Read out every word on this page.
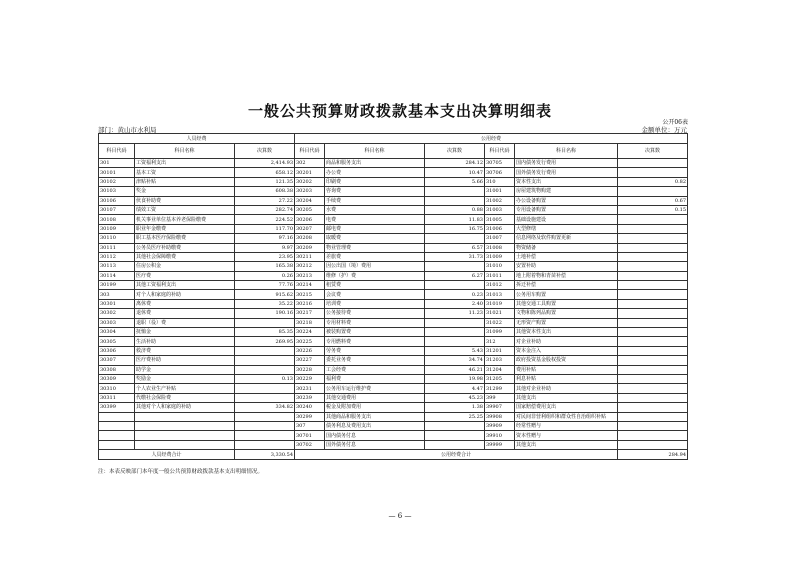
一般公共预算财政拨款基本支出决算明细表
公开06表
部门：黄山市水利局	金额单位：万元
人员经费			公用经费					
科目代码	科目名称	决算数	科目代码	科目名称	决算数	科目代码	科目名称	决算数
301	工资福利支出	2,414.93	302	商品和服务支出	284.12	30705	国内债务发行费用	
30101	基本工资	658.12	30201	办公费	10.47	30706	国外债务发行费用	
30102	津贴补贴	121.35	30202	印刷费	5.66	310	资本性支出	0.82
30103	奖金	608.38	30203	咨询费		31001	房屋建筑物购建	
30106	伙食补助费	27.22	30204	手续费		31002	办公设备购置	0.67
30107	绩效工资	282.74	30205	水费	0.88	31003	专用设备购置	0.15
30108	机关事业单位基本养老保险缴费	224.52	30206	电费	11.83	31005	基础设施建设	
30109	职业年金缴费	117.70	30207	邮电费	16.75	31006	大型修缮	
30110	职工基本医疗保险缴费	97.16	30208	取暖费		31007	信息网络及软件购置更新	
30111	公务员医疗补助缴费	9.97	30209	物业管理费	6.57	31008	物资储备	
30112	其他社会保障缴费	23.95	30211	差旅费	31.73	31009	土地补偿	
30113	住房公积金	165.38	30212	因公出国（境）费用		31010	安置补助	
30114	医疗费	0.26	30213	维修（护）费	6.27	31011	地上附着物和青苗补偿	
30199	其他工资福利支出	77.76	30214	租赁费		31012	拆迁补偿	
303	对个人和家庭的补助	915.62	30215	会议费	0.23	31013	公务用车购置	
30301	离休费	35.22	30216	培训费	2.40	31019	其他交通工具购置	
30302	退休费	190.16	30217	公务接待费	11.23	31021	文物和陈列品购置	
30303	退职（役）费		30218	专用材料费		31022	无形资产购置	
30304	抚恤金	85.35	30224	被装购置费		31099	其他资本性支出	
30305	生活补助	269.95	30225	专用燃料费		312	对企业补助	
30306	救济费		30226	劳务费	5.43	31201	资本金注入	
30307	医疗费补助		30227	委托业务费	34.74	31203	政府投资基金股权投资	
30308	助学金		30228	工会经费	46.21	31204	费用补贴	
30309	奖励金	0.13	30229	福利费	19.98	31205	利息补贴	
30310	个人农业生产补贴		30231	公务用车运行维护费	4.47	31299	其他对企业补助	
30311	代缴社会保险费		30239	其他交通费用	45.23	399	其他支出	
30399	其他对个人和家庭的补助	334.82	30240	税金及附加费用	1.38	39907	国家赔偿费用支出	
			30299	其他商品和服务支出	25.25	39908	对民间非营利组织和群众性自治组织补贴	
			307	债务利息及费用支出		39909	经常性赠与	
			30701	国内债务付息		39910	资本性赠与	
			30702	国外债务付息		39999	其他支出	
人员经费合计		3,330.54	公用经费合计					284.94
注：本表反映部门本年度一般公共预算财政拨款基本支出明细情况。
— 6 —
